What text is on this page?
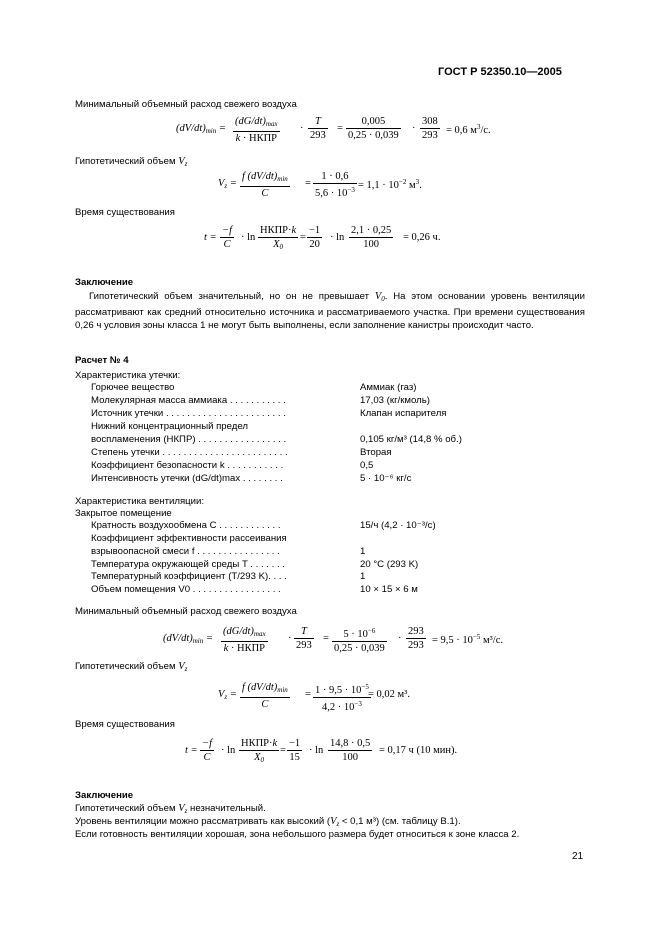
ГОСТ Р 52350.10—2005
Минимальный объемный расход свежего воздуха
$(dV/dt)_{min}$ =
$(dG/dt)_{max}$
k · НКПР
· $\frac{T}{293} = \frac{0,005}{0,25 \cdot 0,039} \cdot \frac{308}{293} = 0,6$ $м^3/с$.
Гипотетический объем $V_z$
$V_z$ =
f $(dV/dt)_{min}$
C
= $\frac{1 \cdot 0,6}{5,6 \cdot 10^{-3}} = 1,1 \cdot 10^{-2}$ $м^3$.
Время существования
$t = \frac{-f}{C} \cdot \ln$
НКПР·k
$X_0$
= $\frac{-1}{20} \cdot \ln \frac{2,1 \cdot 0,25}{100} = 0,26$ ч.
Заключение
Гипотетический объем значительный, но он не превышает $V_0$. На этом основании уровень вентиляции рассматривают как средний относительно источника и рассматриваемого участка. При времени существования 0,26 ч условия зоны класса 1 не могут быть выполнены, если заполнение канистры происходит часто.
Расчет № 4
Характеристика утечки:
Горючее вещество	Аммиак (газ)
Молекулярная масса аммиака . . . . . . . . . . .	17,03 (кг/кмоль)
Источник утечки . . . . . . . . . . . . . . . . . . . . . . .	Клапан испарителя
Нижний концентрационный предел
воспламенения (НКПР) . . . . . . . . . . . . . . . . .	0,105 кг/м³ (14,8 % об.)
Степень утечки . . . . . . . . . . . . . . . . . . . . . . . .	Вторая
Коэффициент безопасности k . . . . . . . . . . .	0,5
Интенсивность утечки (dG/dt)max . . . . . . . .	5 · 10⁻⁶ кг/с
Характеристика вентиляции:
Закрытое помещение
Кратность воздухообмена C . . . . . . . . . . . .	15/ч (4,2 · 10⁻³/с)
Коэффициент эффективности рассеивания
взрывоопасной смеси f . . . . . . . . . . . . . . . .	1
Температура окружающей среды T . . . . . . .	20 °C (293 K)
Температурный коэффициент (T/293 K). . . .	1
Объем помещения V0 . . . . . . . . . . . . . . . . .	10 × 15 × 6 м
Минимальный объемный расход свежего воздуха
$(dV/dt)_{min}$ =
$(dG/dt)_{max}$
k · НКПР
· $\frac{T}{293} = \frac{5 \cdot 10^{-6}}{0,25 \cdot 0,039} \cdot \frac{293}{293} = 9,5 \cdot 10^{-5}$ м³/с.
Гипотетический объем $V_z$
$V_z$ =
f $(dV/dt)_{min}$
C
= $\frac{1 \cdot 9,5 \cdot 10^{-5}}{4,2 \cdot 10^{-3}}$
= 0,02 м³.
Время существования
$t = \frac{-f}{C} \cdot \ln$
НКПР·k
$X_0$
= $\frac{-1}{15} \cdot \ln \frac{14,8 \cdot 0,5}{100} = 0,17$ ч (10 мин).
Заключение
Гипотетический объем $V_z$ незначительный.
Уровень вентиляции можно рассматривать как высокий ($V_z < 0,1$ м³) (см. таблицу В.1).
Если готовность вентиляции хорошая, зона небольшого размера будет относиться к зоне класса 2.
21
